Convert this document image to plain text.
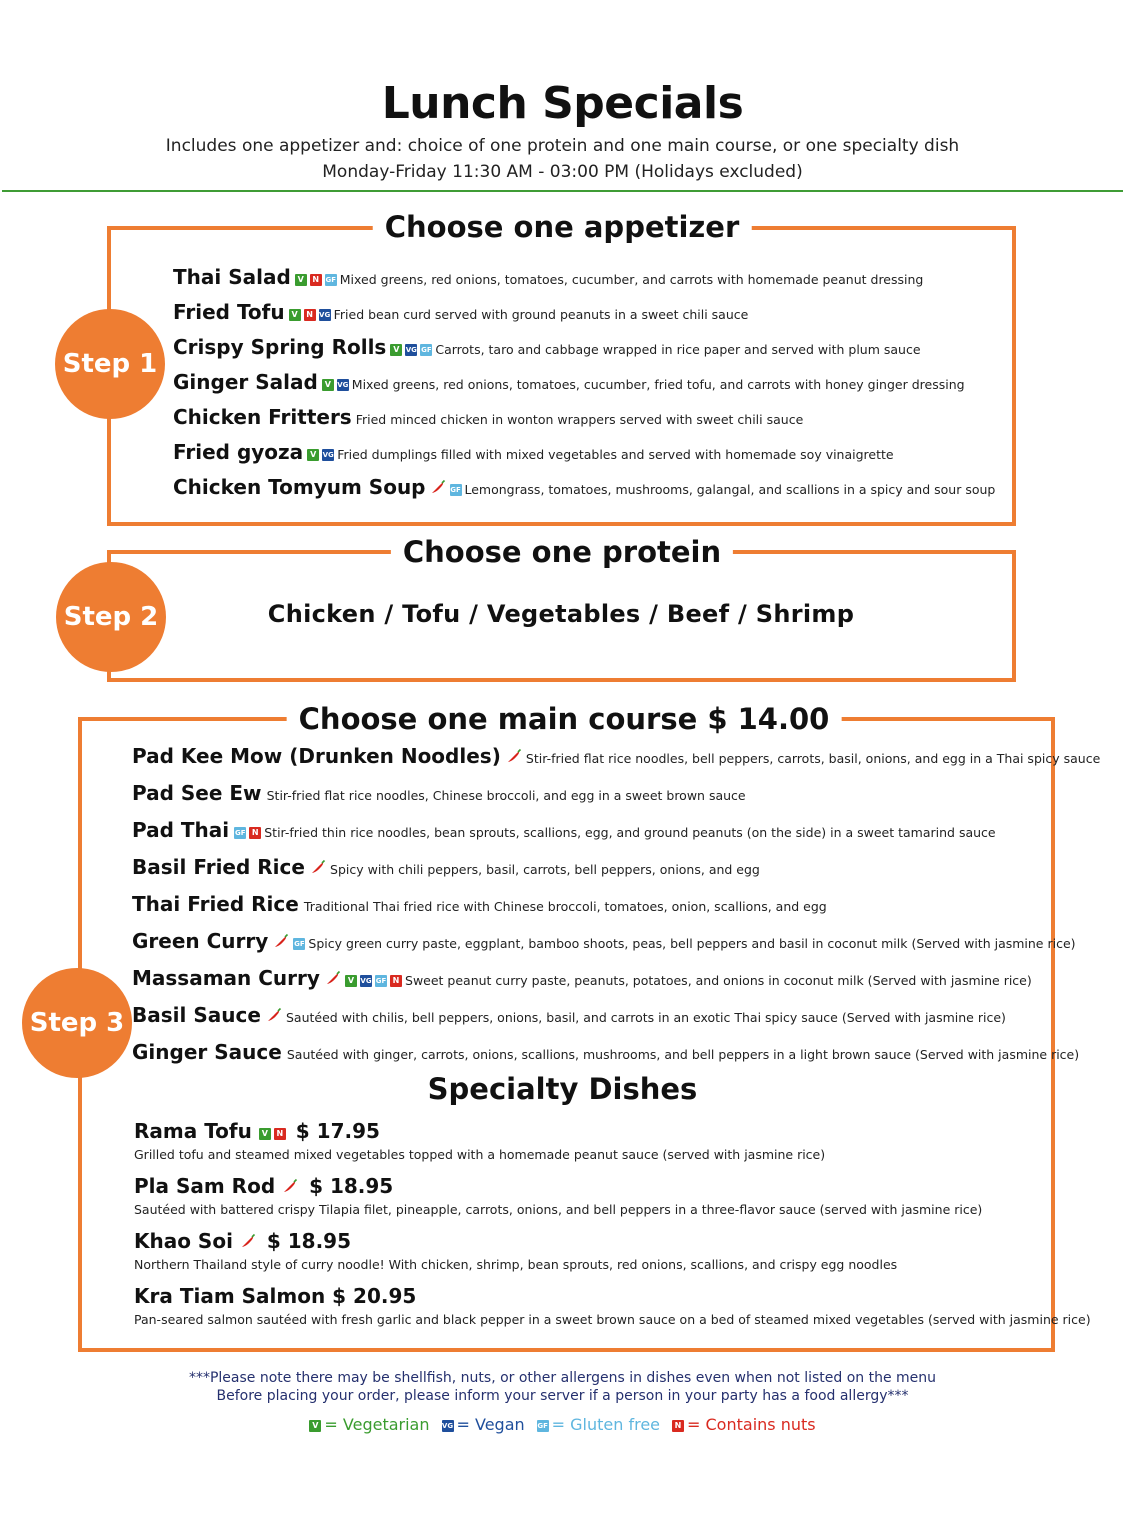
Lunch Specials
Includes one appetizer and: choice of one protein and one main course, or one specialty dish
Monday-Friday 11:30 AM - 03:00 PM (Holidays excluded)
Choose one appetizer
Step 1
Thai Salad V N GF Mixed greens, red onions, tomatoes, cucumber, and carrots with homemade peanut dressing
Fried Tofu V N VG Fried bean curd served with ground peanuts in a sweet chili sauce
Crispy Spring Rolls V VG GF Carrots, taro and cabbage wrapped in rice paper and served with plum sauce
Ginger Salad V VG Mixed greens, red onions, tomatoes, cucumber, fried tofu, and carrots with honey ginger dressing
Chicken Fritters Fried minced chicken in wonton wrappers served with sweet chili sauce
Fried gyoza V VG Fried dumplings filled with mixed vegetables and served with homemade soy vinaigrette
Chicken Tomyum Soup	GF Lemongrass, tomatoes, mushrooms, galangal, and scallions in a spicy and sour soup
Choose one protein
Step 2	Chicken / Tofu / Vegetables / Beef / Shrimp
Choose one main course $ 14.00
Step 3
Pad Kee Mow (Drunken Noodles) Stir-fried flat rice noodles, bell peppers, carrots, basil, onions, and egg in a Thai spicy sauce
Pad See Ew Stir-fried flat rice noodles, Chinese broccoli, and egg in a sweet brown sauce
Pad Thai GF N Stir-fried thin rice noodles, bean sprouts, scallions, egg, and ground peanuts (on the side) in a sweet tamarind sauce
Basil Fried Rice Spicy with chili peppers, basil, carrots, bell peppers, onions, and egg
Thai Fried Rice Traditional Thai fried rice with Chinese broccoli, tomatoes, onion, scallions, and egg
Green Curry	GF Spicy green curry paste, eggplant, bamboo shoots, peas, bell peppers and basil in coconut milk (Served with jasmine rice)
Massaman Curry	V VG GF N Sweet peanut curry paste, peanuts, potatoes, and onions in coconut milk (Served with jasmine rice)
Basil Sauce Sautéed with chilis, bell peppers, onions, basil, and carrots in an exotic Thai spicy sauce (Served with jasmine rice)
Ginger Sauce Sautéed with ginger, carrots, onions, scallions, mushrooms, and bell peppers in a light brown sauce (Served with jasmine rice)
Specialty Dishes
Rama Tofu V N $ 17.95
Grilled tofu and steamed mixed vegetables topped with a homemade peanut sauce (served with jasmine rice)
Pla Sam Rod  $ 18.95
Sautéed with battered crispy Tilapia filet, pineapple, carrots, onions, and bell peppers in a three-flavor sauce (served with jasmine rice)
Khao Soi  $ 18.95
Northern Thailand style of curry noodle! With chicken, shrimp, bean sprouts, red onions, scallions, and crispy egg noodles
Kra Tiam Salmon $ 20.95
Pan-seared salmon sautéed with fresh garlic and black pepper in a sweet brown sauce on a bed of steamed mixed vegetables (served with jasmine rice)
***Please note there may be shellfish, nuts, or other allergens in dishes even when not listed on the menu
Before placing your order, please inform your server if a person in your party has a food allergy***
V = Vegetarian VG = Vegan GF = Gluten free N = Contains nuts
